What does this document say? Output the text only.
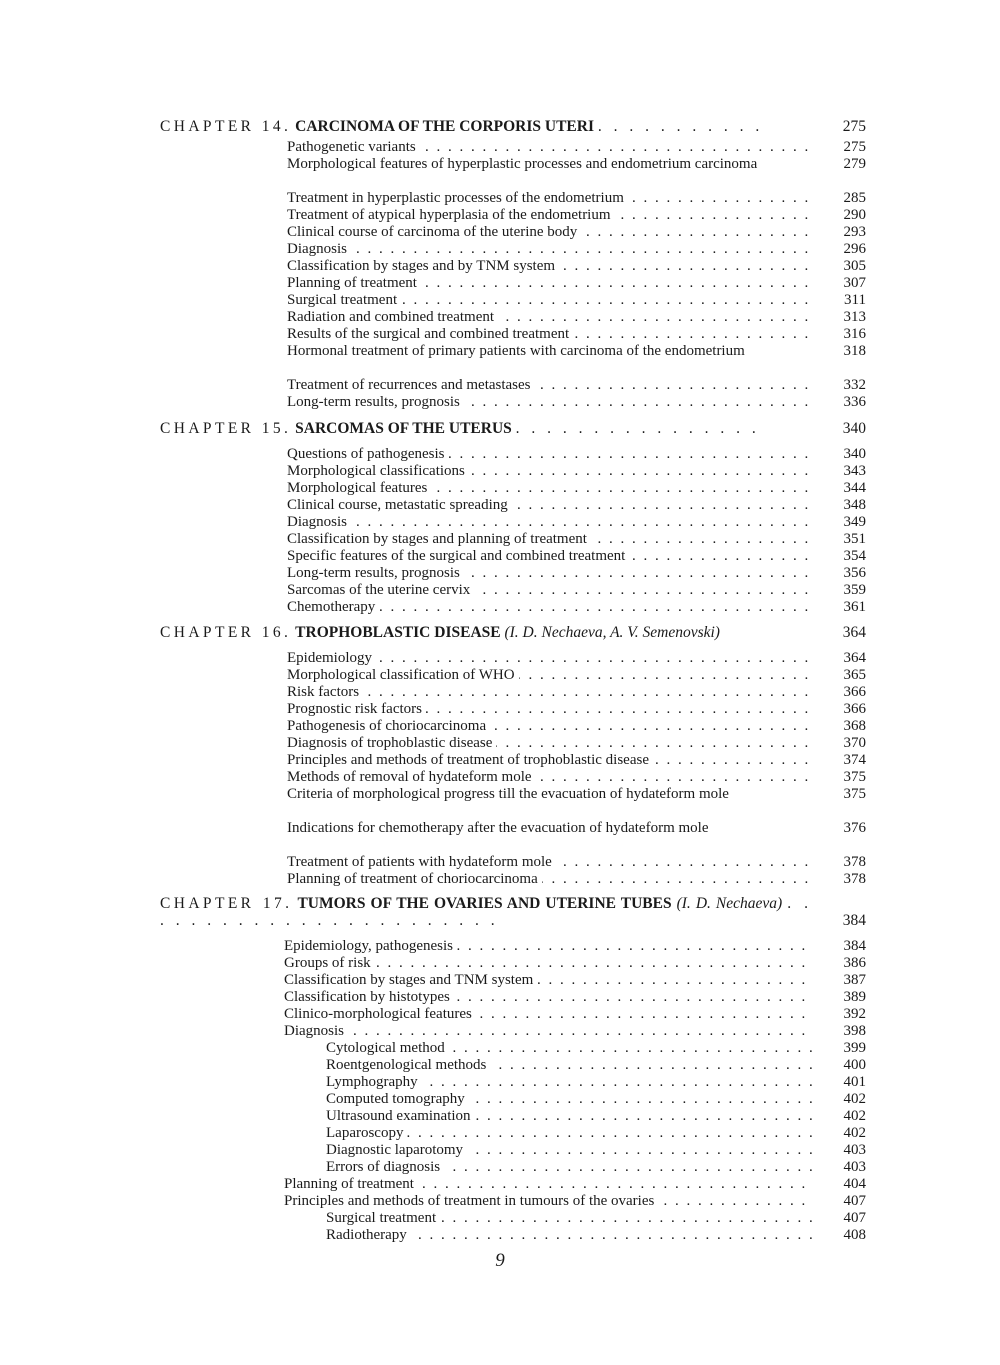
CHAPTER 14. CARCINOMA OF THE CORPORIS UTERI . . . . . . . . . . .	275
Pathogenetic variants . . .	275
Morphological features of hyperplastic processes and endometrium carcinoma	279
Treatment in hyperplastic processes of the endometrium . . .	285
Treatment of atypical hyperplasia of the endometrium . . .	290
Clinical course of carcinoma of the uterine body . . .	293
Diagnosis . . .	296
Classification by stages and by TNM system . . .	305
Planning of treatment . . .	307
Surgical treatment . . .	311
Radiation and combined treatment . . .	313
Results of the surgical and combined treatment . . .	316
Hormonal treatment of primary patients with carcinoma of the endometrium	318
Treatment of recurrences and metastases . . .	332
Long-term results, prognosis . . .	336
CHAPTER 15. SARCOMAS OF THE UTERUS . . . . . . . . . . . . . . . .	340
Questions of pathogenesis . . .	340
Morphological classifications . . .	343
Morphological features . . .	344
Clinical course, metastatic spreading . . .	348
Diagnosis . . .	349
Classification by stages and planning of treatment . . .	351
Specific features of the surgical and combined treatment . . .	354
Long-term results, prognosis . . .	356
Sarcomas of the uterine cervix . . .	359
Chemotherapy . . .	361
CHAPTER 16. TROPHOBLASTIC DISEASE (I. D. Nechaeva, A. V. Semenovski)	364
Epidemiology . . .	364
Morphological classification of WHO . . .	365
Risk factors . . .	366
Prognostic risk factors . . .	366
Pathogenesis of choriocarcinoma . . .	368
Diagnosis of trophoblastic disease . . .	370
Principles and methods of treatment of trophoblastic disease . . .	374
Methods of removal of hydateform mole . . .	375
Criteria of morphological progress till the evacuation of hydateform mole	375
Indications for chemotherapy after the evacuation of hydateform mole	376
Treatment of patients with hydateform mole . . .	378
Planning of treatment of choriocarcinoma . . .	378
CHAPTER 17. TUMORS OF THE OVARIES AND UTERINE TUBES (I. D. Nechaeva) . . . . . . . . . . . . . . . . . . . . . . . .	384
Epidemiology, pathogenesis . . .	384
Groups of risk . . .	386
Classification by stages and TNM system . . .	387
Classification by histotypes . . .	389
Clinico-morphological features . . .	392
Diagnosis . . .	398
Cytological method . . .	399
Roentgenological methods . . .	400
Lymphography . . .	401
Computed tomography . . .	402
Ultrasound examination . . .	402
Laparoscopy . . .	402
Diagnostic laparotomy . . .	403
Errors of diagnosis . . .	403
Planning of treatment . . .	404
Principles and methods of treatment in tumours of the ovaries . . .	407
Surgical treatment . . .	407
Radiotherapy . . .	408
9
